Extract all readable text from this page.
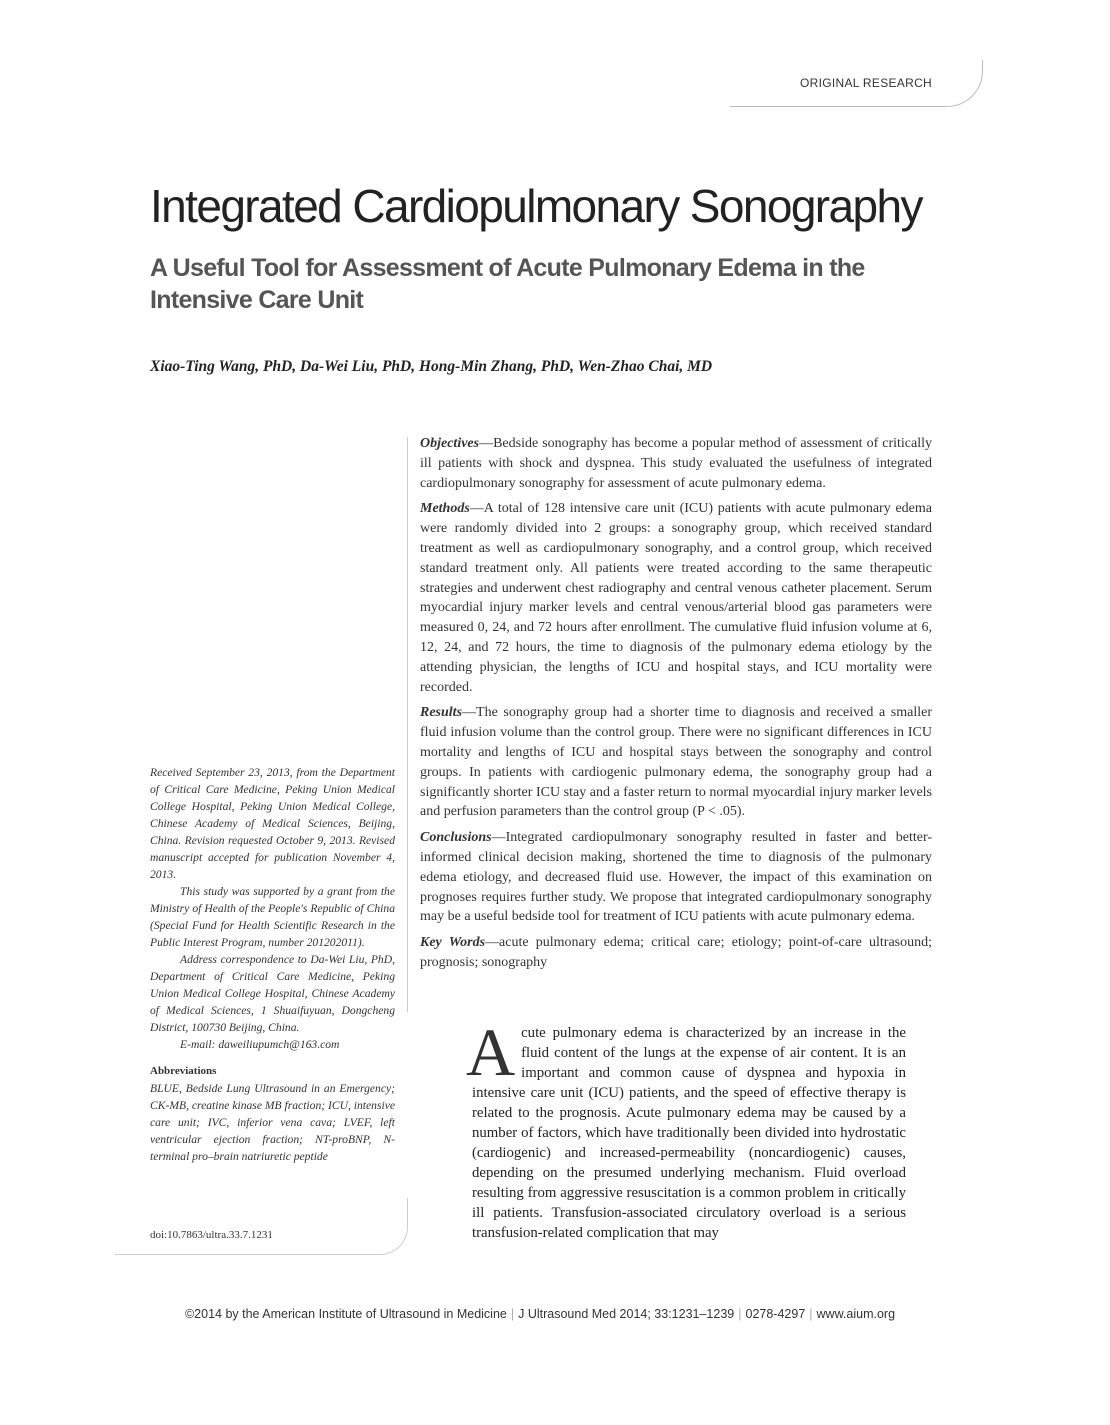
ORIGINAL RESEARCH
Integrated Cardiopulmonary Sonography
A Useful Tool for Assessment of Acute Pulmonary Edema in the Intensive Care Unit
Xiao-Ting Wang, PhD, Da-Wei Liu, PhD, Hong-Min Zhang, PhD, Wen-Zhao Chai, MD

Received September 23, 2013, from the Department of Critical Care Medicine, Peking Union Medical College Hospital, Peking Union Medical College, Chinese Academy of Medical Sciences, Beijing, China. Revision requested October 9, 2013. Revised manuscript accepted for publication November 4, 2013.

This study was supported by a grant from the Ministry of Health of the People's Republic of China (Special Fund for Health Scientific Research in the Public Interest Program, number 201202011).

Address correspondence to Da-Wei Liu, PhD, Department of Critical Care Medicine, Peking Union Medical College Hospital, Chinese Academy of Medical Sciences, 1 Shuaifuyuan, Dongcheng District, 100730 Beijing, China.

E-mail: daweiliupumch@163.com

Abbreviations

BLUE, Bedside Lung Ultrasound in an Emergency; CK-MB, creatine kinase MB fraction; ICU, intensive care unit; IVC, inferior vena cava; LVEF, left ventricular ejection fraction; NT-proBNP, N-terminal pro–brain natriuretic peptide

doi:10.7863/ultra.33.7.1231

Objectives—Bedside sonography has become a popular method of assessment of critically ill patients with shock and dyspnea. This study evaluated the usefulness of integrated cardiopulmonary sonography for assessment of acute pulmonary edema.

Methods—A total of 128 intensive care unit (ICU) patients with acute pulmonary edema were randomly divided into 2 groups: a sonography group, which received standard treatment as well as cardiopulmonary sonography, and a control group, which received standard treatment only. All patients were treated according to the same therapeutic strategies and underwent chest radiography and central venous catheter placement. Serum myocardial injury marker levels and central venous/arterial blood gas parameters were measured 0, 24, and 72 hours after enrollment. The cumulative fluid infusion volume at 6, 12, 24, and 72 hours, the time to diagnosis of the pulmonary edema etiology by the attending physician, the lengths of ICU and hospital stays, and ICU mortality were recorded.

Results—The sonography group had a shorter time to diagnosis and received a smaller fluid infusion volume than the control group. There were no significant differences in ICU mortality and lengths of ICU and hospital stays between the sonography and control groups. In patients with cardiogenic pulmonary edema, the sonography group had a significantly shorter ICU stay and a faster return to normal myocardial injury marker levels and perfusion parameters than the control group (P < .05).

Conclusions—Integrated cardiopulmonary sonography resulted in faster and better-informed clinical decision making, shortened the time to diagnosis of the pulmonary edema etiology, and decreased fluid use. However, the impact of this examination on prognoses requires further study. We propose that integrated cardiopulmonary sonography may be a useful bedside tool for treatment of ICU patients with acute pulmonary edema.

Key Words—acute pulmonary edema; critical care; etiology; point-of-care ultrasound; prognosis; sonography

Acute pulmonary edema is characterized by an increase in the fluid content of the lungs at the expense of air content. It is an important and common cause of dyspnea and hypoxia in intensive care unit (ICU) patients, and the speed of effective therapy is related to the prognosis. Acute pulmonary edema may be caused by a number of factors, which have traditionally been divided into hydrostatic (cardiogenic) and increased-permeability (noncardiogenic) causes, depending on the presumed underlying mechanism. Fluid overload resulting from aggressive resuscitation is a common problem in critically ill patients. Transfusion-associated circulatory overload is a serious transfusion-related complication that may

©2014 by the American Institute of Ultrasound in Medicine | J Ultrasound Med 2014; 33:1231–1239 | 0278-4297 | www.aium.org
